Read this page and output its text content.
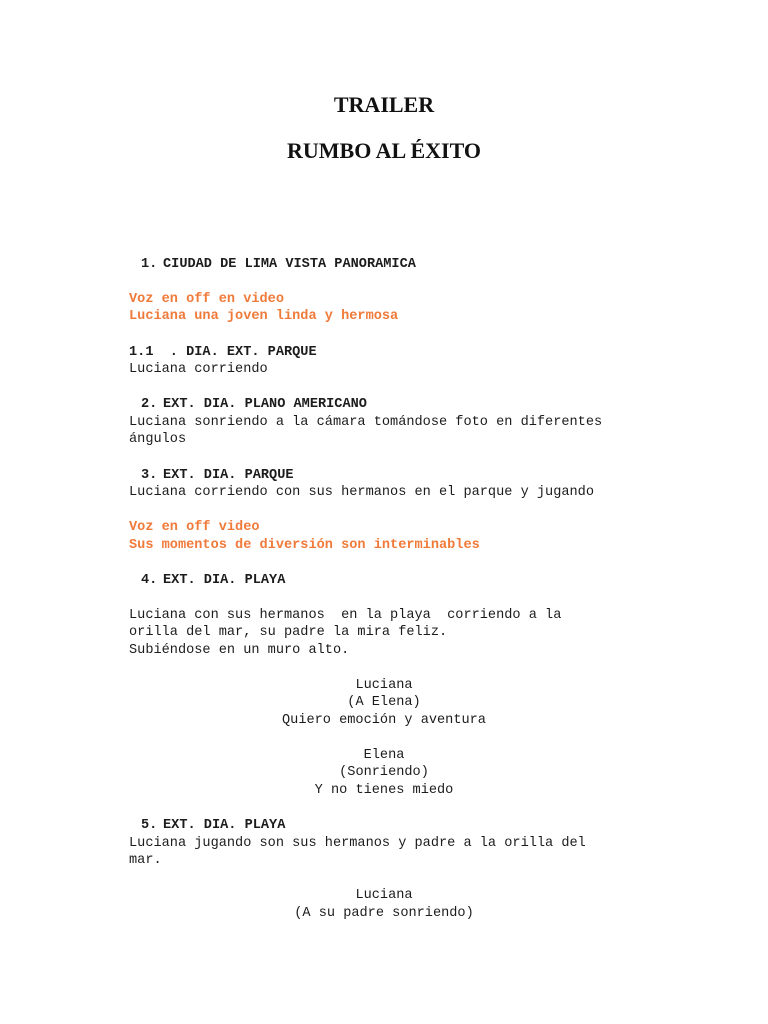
TRAILER
RUMBO AL ÉXITO
1. CIUDAD DE LIMA VISTA PANORAMICA
Voz en off en video
Luciana una joven linda y hermosa
1.1  . DIA. EXT. PARQUE
Luciana corriendo
2. EXT. DIA. PLANO AMERICANO
Luciana sonriendo a la cámara tomándose foto en diferentes
ángulos
3. EXT. DIA. PARQUE
Luciana corriendo con sus hermanos en el parque y jugando
Voz en off video
Sus momentos de diversión son interminables
4. EXT. DIA. PLAYA
Luciana con sus hermanos  en la playa  corriendo a la
orilla del mar, su padre la mira feliz.
Subiéndose en un muro alto.
Luciana
(A Elena)
Quiero emoción y aventura
Elena
(Sonriendo)
Y no tienes miedo
5. EXT. DIA. PLAYA
Luciana jugando son sus hermanos y padre a la orilla del
mar.
Luciana
(A su padre sonriendo)
